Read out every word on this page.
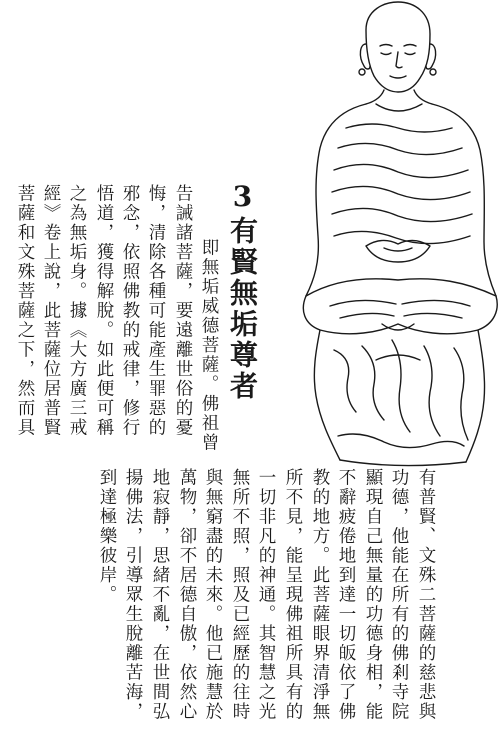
3有賢無垢尊者
即無垢威德菩薩。佛祖曾
告誡諸菩薩，要遠離世俗的憂
悔，清除各種可能產生罪惡的
邪念，依照佛教的戒律，修行
悟道，獲得解脫。如此便可稱
之為無垢身。據《大方廣三戒
經》卷上說，此菩薩位居普賢
菩薩和文殊菩薩之下，然而具
有普賢、文殊二菩薩的慈悲與
功德，他能在所有的佛剎寺院
顯現自己無量的功德身相，能
不辭疲倦地到達一切皈依了佛
教的地方。此菩薩眼界清淨無
所不見，能呈現佛祖所具有的
一切非凡的神通。其智慧之光
無所不照，照及已經歷的往時
與無窮盡的未來。他已施慧於
萬物，卻不居德自傲，依然心
地寂靜，思緒不亂，在世間弘
揚佛法，引導眾生脫離苦海，
到達極樂彼岸。
